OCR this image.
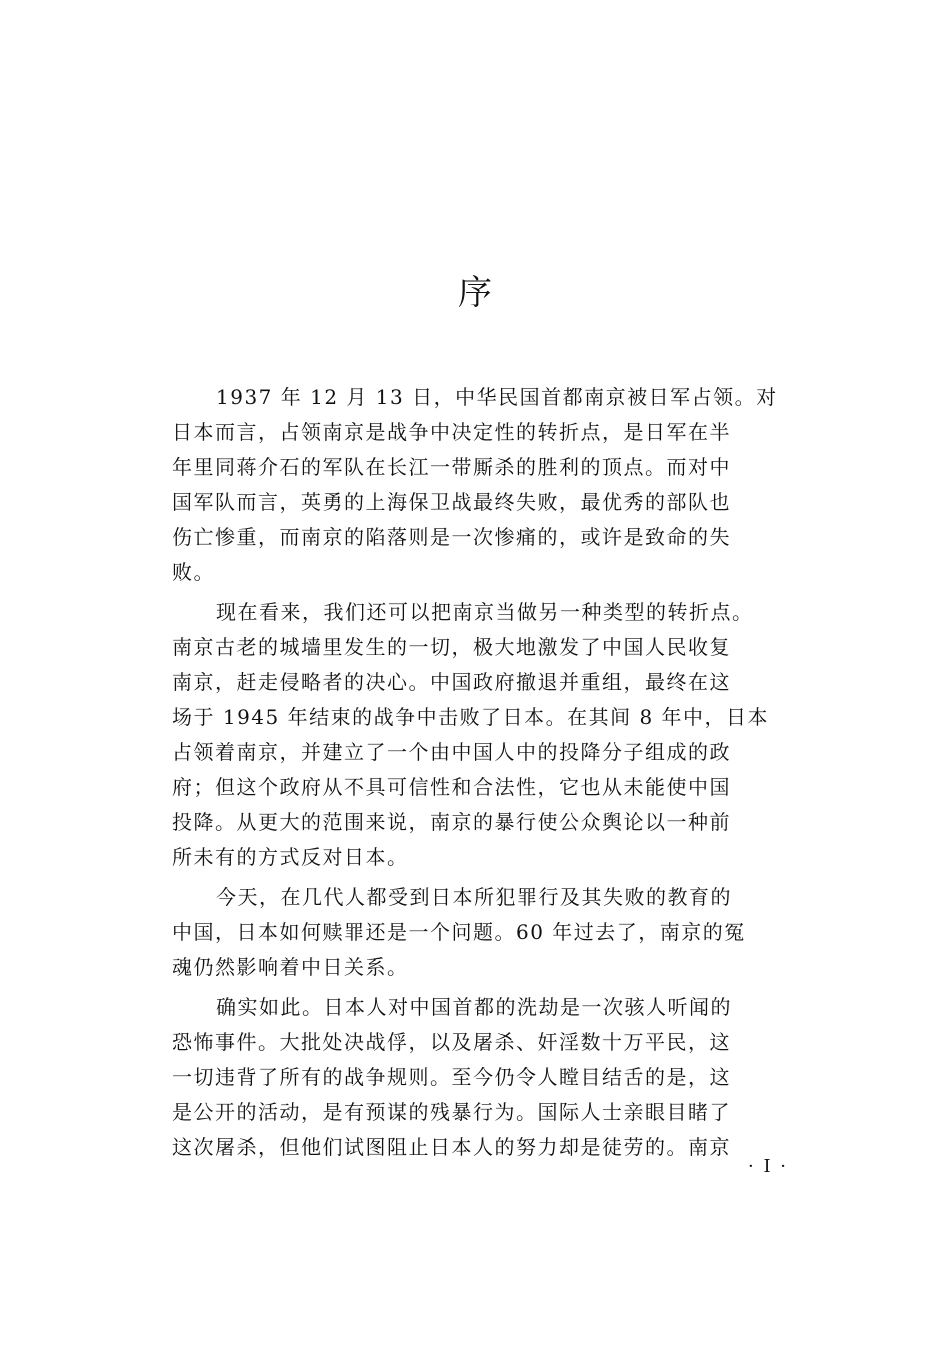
序
1937 年 12 月 13 日，中华民国首都南京被日军占领。对
日本而言，占领南京是战争中决定性的转折点，是日军在半
年里同蒋介石的军队在长江一带厮杀的胜利的顶点。而对中
国军队而言，英勇的上海保卫战最终失败，最优秀的部队也
伤亡惨重，而南京的陷落则是一次惨痛的，或许是致命的失
败。
现在看来，我们还可以把南京当做另一种类型的转折点。
南京古老的城墙里发生的一切，极大地激发了中国人民收复
南京，赶走侵略者的决心。中国政府撤退并重组，最终在这
场于 1945 年结束的战争中击败了日本。在其间 8 年中，日本
占领着南京，并建立了一个由中国人中的投降分子组成的政
府；但这个政府从不具可信性和合法性，它也从未能使中国
投降。从更大的范围来说，南京的暴行使公众舆论以一种前
所未有的方式反对日本。
今天，在几代人都受到日本所犯罪行及其失败的教育的
中国，日本如何赎罪还是一个问题。60 年过去了，南京的冤
魂仍然影响着中日关系。
确实如此。日本人对中国首都的洗劫是一次骇人听闻的
恐怖事件。大批处决战俘，以及屠杀、奸淫数十万平民，这
一切违背了所有的战争规则。至今仍令人瞠目结舌的是，这
是公开的活动，是有预谋的残暴行为。国际人士亲眼目睹了
这次屠杀，但他们试图阻止日本人的努力却是徒劳的。南京
· I ·
